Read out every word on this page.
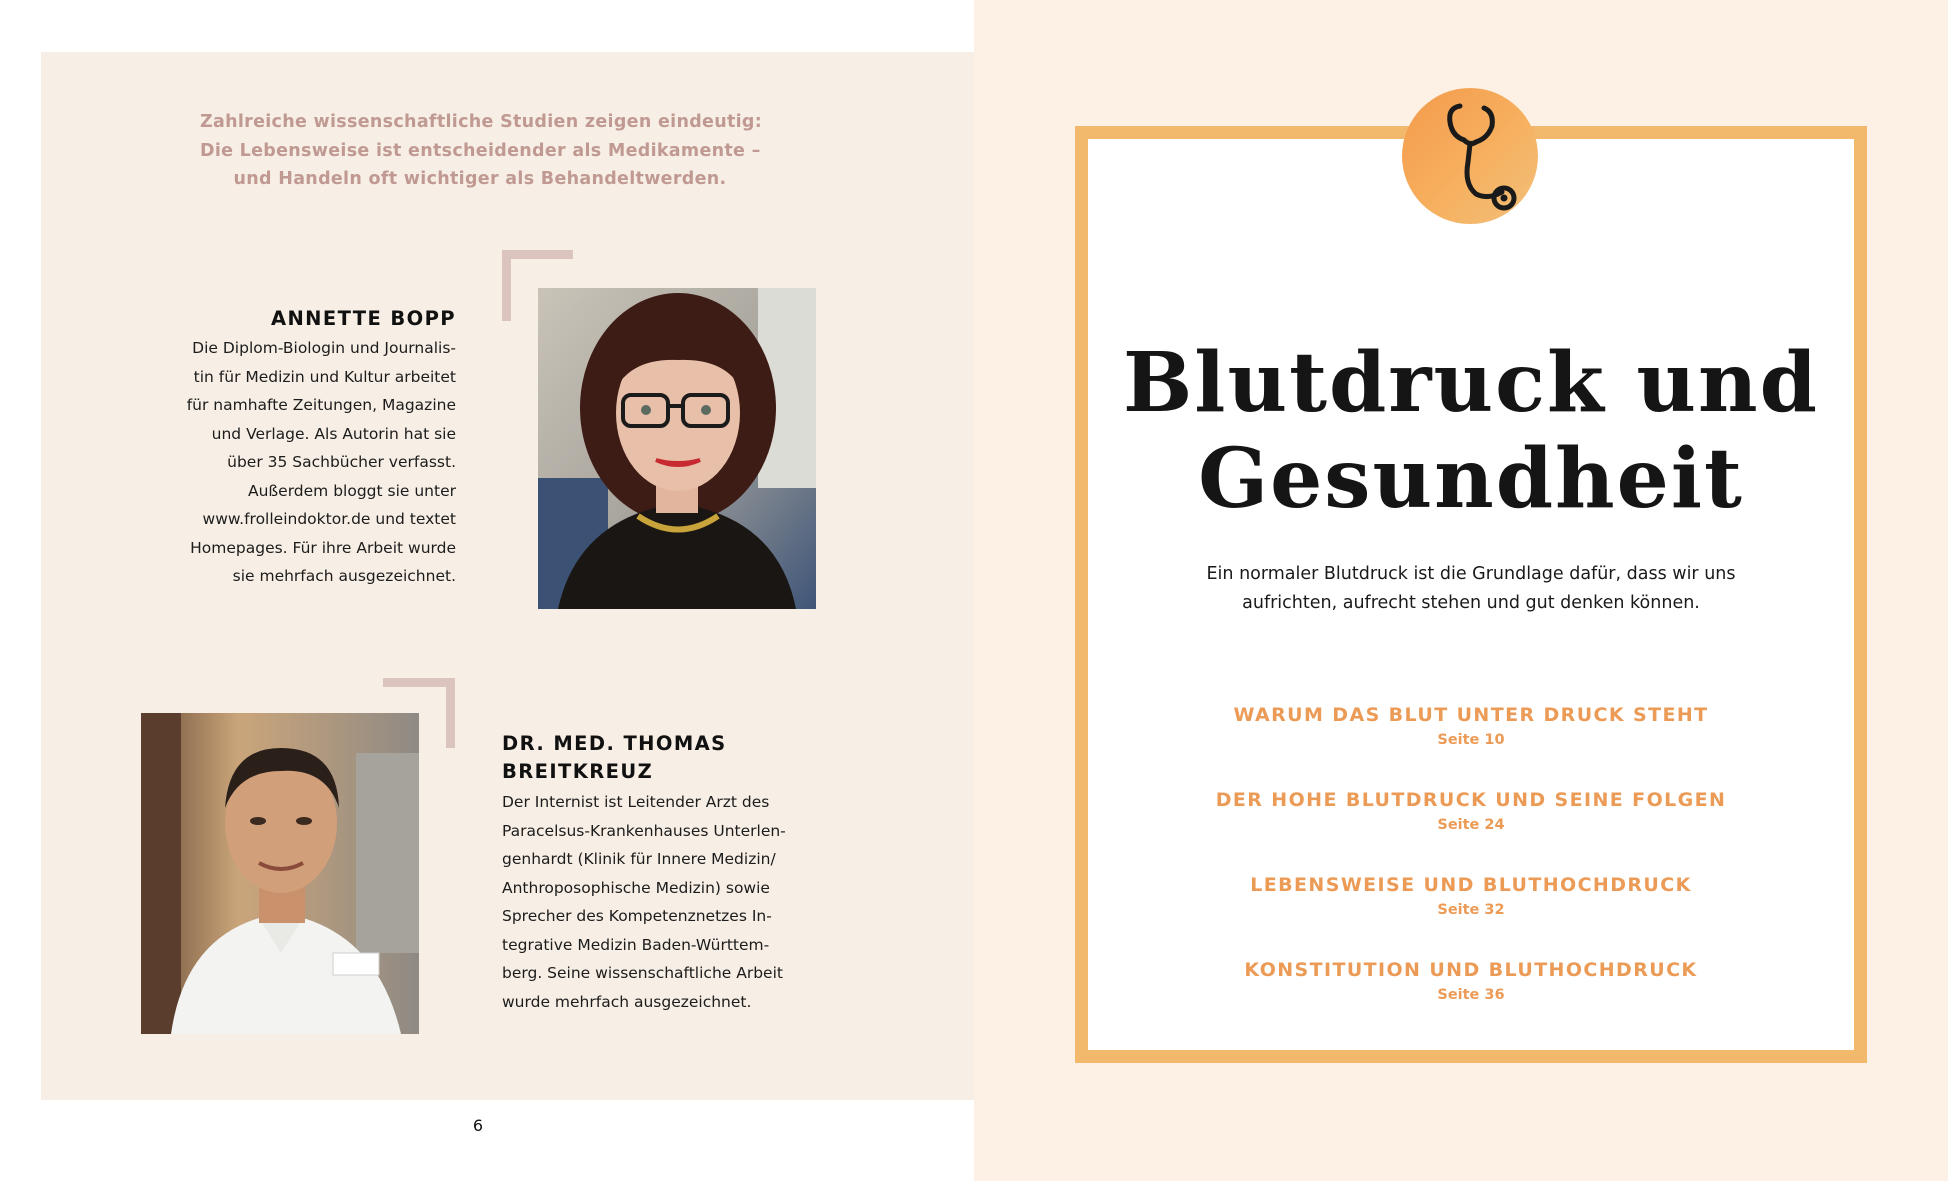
Zahlreiche wissenschaftliche Studien zeigen eindeutig:
Die Lebensweise ist entscheidender als Medikamente –
und Handeln oft wichtiger als Behandeltwerden.
ANNETTE BOPP
Die Diplom-Biologin und Journalis-
tin für Medizin und Kultur arbeitet
für namhafte Zeitungen, Magazine
und Verlage. Als Autorin hat sie
über 35 Sachbücher verfasst.
Außerdem bloggt sie unter
www.frolleindoktor.de und textet
Homepages. Für ihre Arbeit wurde
sie mehrfach ausgezeichnet.
DR. MED. THOMAS
BREITKREUZ
Der Internist ist Leitender Arzt des
Paracelsus-Krankenhauses Unterlen-
genhardt (Klinik für Innere Medizin/
Anthroposophische Medizin) sowie
Sprecher des Kompetenznetzes In-
tegrative Medizin Baden-Württem-
berg. Seine wissenschaftliche Arbeit
wurde mehrfach ausgezeichnet.
6
Blutdruck und
Gesundheit
Ein normaler Blutdruck ist die Grundlage dafür, dass wir uns
aufrichten, aufrecht stehen und gut denken können.
WARUM DAS BLUT UNTER DRUCK STEHT
Seite 10
DER HOHE BLUTDRUCK UND SEINE FOLGEN
Seite 24
LEBENSWEISE UND BLUTHOCHDRUCK
Seite 32
KONSTITUTION UND BLUTHOCHDRUCK
Seite 36
